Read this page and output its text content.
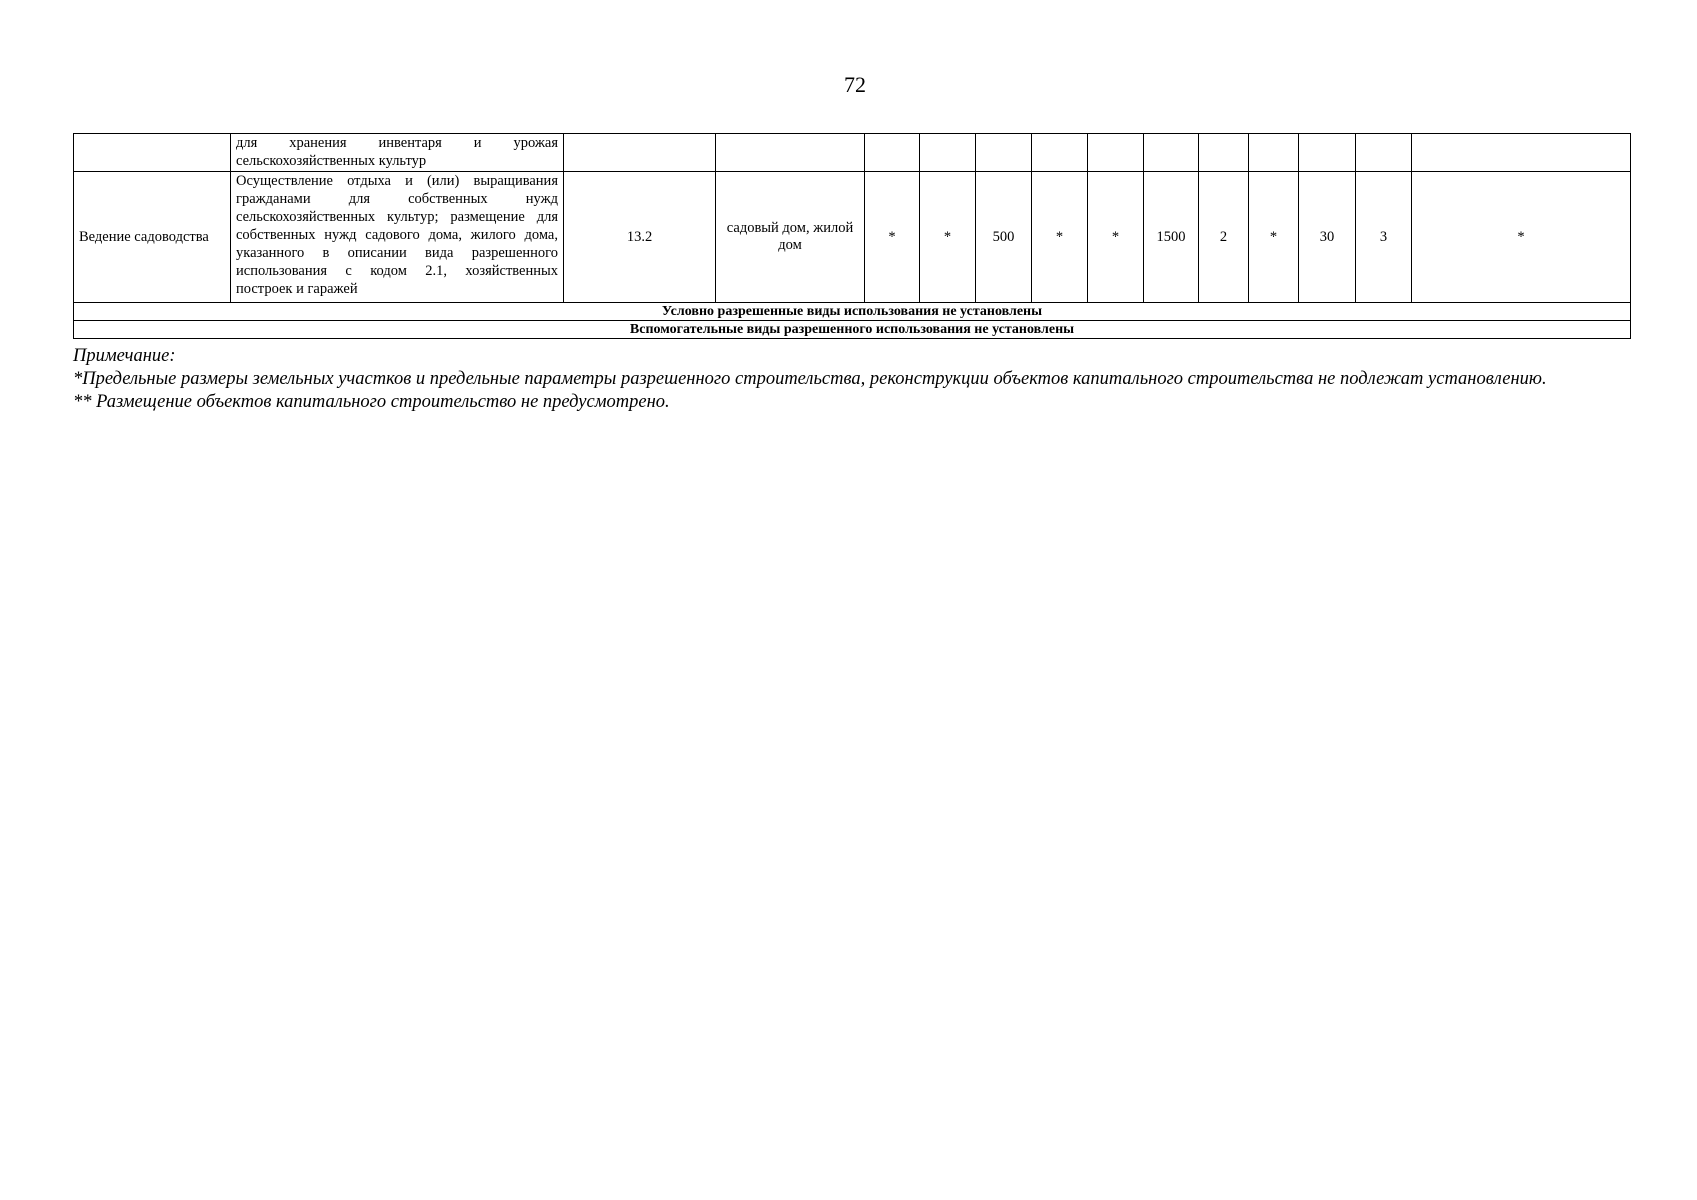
72
	для хранения инвентаря и урожая сельскохозяйственных культур													
Ведение садоводства	Осуществление отдыха и (или) выращивания гражданами для собственных нужд сельскохозяйственных культур; размещение для собственных нужд садового дома, жилого дома, указанного в описании вида разрешенного использования с кодом 2.1, хозяйственных построек и гаражей	13.2	садовый дом, жилой дом	*	*	500	*	*	1500	2	*	30	3	*
Условно разрешенные виды использования не установлены														
Вспомогательные виды разрешенного использования не установлены														

Примечание:

*Предельные размеры земельных участков и предельные параметры разрешенного строительства, реконструкции объектов капитального строительства не подлежат установлению.

** Размещение объектов капитального строительство не предусмотрено.
